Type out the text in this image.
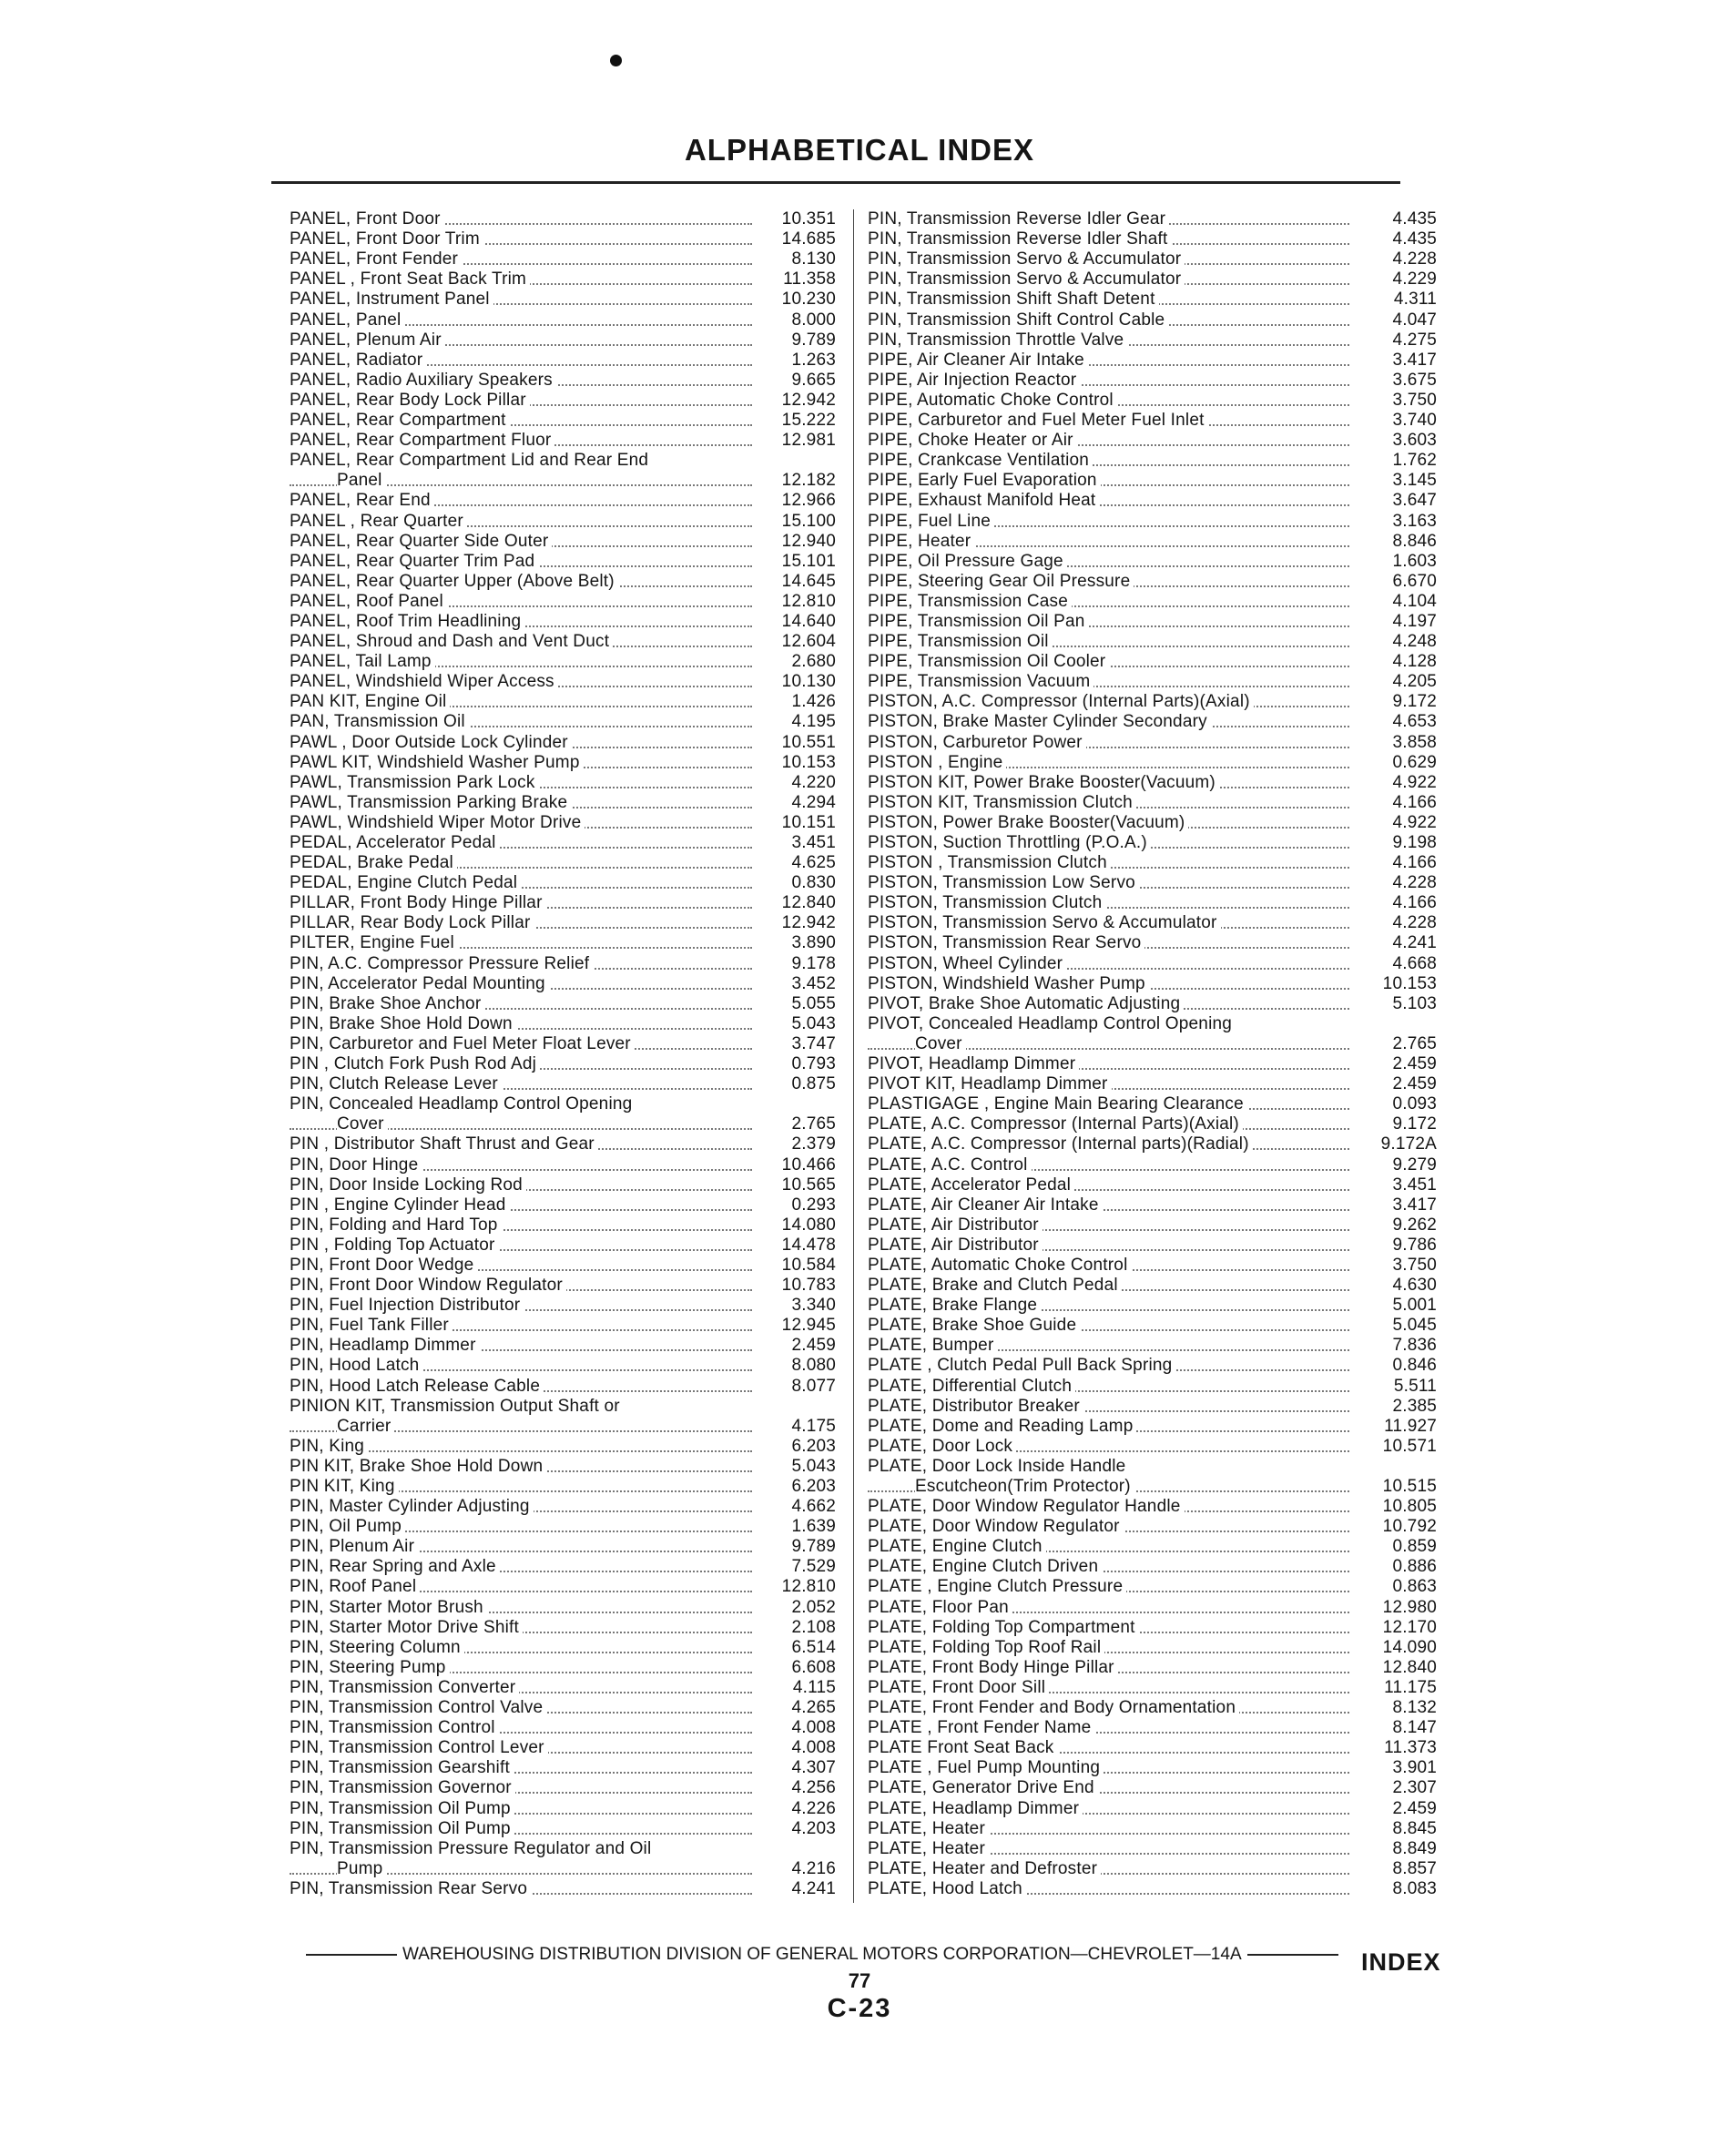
ALPHABETICAL INDEX
PANEL, Front Door	10.351
PANEL, Front Door Trim	14.685
PANEL, Front Fender	8.130
PANEL , Front Seat Back Trim	11.358
PANEL, Instrument Panel	10.230
PANEL, Panel	8.000
PANEL, Plenum Air	9.789
PANEL, Radiator	1.263
PANEL, Radio Auxiliary Speakers	9.665
PANEL, Rear Body Lock Pillar	12.942
PANEL, Rear Compartment	15.222
PANEL, Rear Compartment Fluor	12.981
PANEL, Rear Compartment Lid and Rear End
Panel	12.182
PANEL, Rear End	12.966
PANEL , Rear Quarter	15.100
PANEL, Rear Quarter Side Outer	12.940
PANEL, Rear Quarter Trim Pad	15.101
PANEL, Rear Quarter Upper (Above Belt)	14.645
PANEL, Roof Panel	12.810
PANEL, Roof Trim Headlining	14.640
PANEL, Shroud and Dash and Vent Duct	12.604
PANEL, Tail Lamp	2.680
PANEL, Windshield Wiper Access	10.130
PAN KIT, Engine Oil	1.426
PAN, Transmission Oil	4.195
PAWL , Door Outside Lock Cylinder	10.551
PAWL KIT, Windshield Washer Pump	10.153
PAWL, Transmission Park Lock	4.220
PAWL, Transmission Parking Brake	4.294
PAWL, Windshield Wiper Motor Drive	10.151
PEDAL, Accelerator Pedal	3.451
PEDAL, Brake Pedal	4.625
PEDAL, Engine Clutch Pedal	0.830
PILLAR, Front Body Hinge Pillar	12.840
PILLAR, Rear Body Lock Pillar	12.942
PILTER, Engine Fuel	3.890
PIN, A.C. Compressor Pressure Relief	9.178
PIN, Accelerator Pedal Mounting	3.452
PIN, Brake Shoe Anchor	5.055
PIN, Brake Shoe Hold Down	5.043
PIN, Carburetor and Fuel Meter Float Lever	3.747
PIN , Clutch Fork Push Rod Adj	0.793
PIN, Clutch Release Lever	0.875
PIN, Concealed Headlamp Control Opening
Cover	2.765
PIN , Distributor Shaft Thrust and Gear	2.379
PIN, Door Hinge	10.466
PIN, Door Inside Locking Rod	10.565
PIN , Engine Cylinder Head	0.293
PIN, Folding and Hard Top	14.080
PIN , Folding Top Actuator	14.478
PIN, Front Door Wedge	10.584
PIN, Front Door Window Regulator	10.783
PIN, Fuel Injection Distributor	3.340
PIN, Fuel Tank Filler	12.945
PIN, Headlamp Dimmer	2.459
PIN, Hood Latch	8.080
PIN, Hood Latch Release Cable	8.077
PINION KIT, Transmission Output Shaft or
Carrier	4.175
PIN, King	6.203
PIN KIT, Brake Shoe Hold Down	5.043
PIN KIT, King	6.203
PIN, Master Cylinder Adjusting	4.662
PIN, Oil Pump	1.639
PIN, Plenum Air	9.789
PIN, Rear Spring and Axle	7.529
PIN, Roof Panel	12.810
PIN, Starter Motor Brush	2.052
PIN, Starter Motor Drive Shift	2.108
PIN, Steering Column	6.514
PIN, Steering Pump	6.608
PIN, Transmission Converter	4.115
PIN, Transmission Control Valve	4.265
PIN, Transmission Control	4.008
PIN, Transmission Control Lever	4.008
PIN, Transmission Gearshift	4.307
PIN, Transmission Governor	4.256
PIN, Transmission Oil Pump	4.226
PIN, Transmission Oil Pump	4.203
PIN, Transmission Pressure Regulator and Oil
Pump	4.216
PIN, Transmission Rear Servo	4.241
PIN, Transmission Reverse Idler Gear	4.435
PIN, Transmission Reverse Idler Shaft	4.435
PIN, Transmission Servo & Accumulator	4.228
PIN, Transmission Servo & Accumulator	4.229
PIN, Transmission Shift Shaft Detent	4.311
PIN, Transmission Shift Control Cable	4.047
PIN, Transmission Throttle Valve	4.275
PIPE, Air Cleaner Air Intake	3.417
PIPE, Air Injection Reactor	3.675
PIPE, Automatic Choke Control	3.750
PIPE, Carburetor and Fuel Meter Fuel Inlet	3.740
PIPE, Choke Heater or Air	3.603
PIPE, Crankcase Ventilation	1.762
PIPE, Early Fuel Evaporation	3.145
PIPE, Exhaust Manifold Heat	3.647
PIPE, Fuel Line	3.163
PIPE, Heater	8.846
PIPE, Oil Pressure Gage	1.603
PIPE, Steering Gear Oil Pressure	6.670
PIPE, Transmission Case	4.104
PIPE, Transmission Oil Pan	4.197
PIPE, Transmission Oil	4.248
PIPE, Transmission Oil Cooler	4.128
PIPE, Transmission Vacuum	4.205
PISTON, A.C. Compressor (Internal Parts)(Axial)	9.172
PISTON, Brake Master Cylinder Secondary	4.653
PISTON, Carburetor Power	3.858
PISTON , Engine	0.629
PISTON KIT, Power Brake Booster(Vacuum)	4.922
PISTON KIT, Transmission Clutch	4.166
PISTON, Power Brake Booster(Vacuum)	4.922
PISTON, Suction Throttling (P.O.A.)	9.198
PISTON , Transmission Clutch	4.166
PISTON, Transmission Low Servo	4.228
PISTON, Transmission Clutch	4.166
PISTON, Transmission Servo & Accumulator	4.228
PISTON, Transmission Rear Servo	4.241
PISTON, Wheel Cylinder	4.668
PISTON, Windshield Washer Pump	10.153
PIVOT, Brake Shoe Automatic Adjusting	5.103
PIVOT, Concealed Headlamp Control Opening
Cover	2.765
PIVOT, Headlamp Dimmer	2.459
PIVOT KIT, Headlamp Dimmer	2.459
PLASTIGAGE , Engine Main Bearing Clearance	0.093
PLATE, A.C. Compressor (Internal Parts)(Axial)	9.172
PLATE, A.C. Compressor (Internal parts)(Radial)	9.172A
PLATE, A.C. Control	9.279
PLATE, Accelerator Pedal	3.451
PLATE, Air Cleaner Air Intake	3.417
PLATE, Air Distributor	9.262
PLATE, Air Distributor	9.786
PLATE, Automatic Choke Control	3.750
PLATE, Brake and Clutch Pedal	4.630
PLATE, Brake Flange	5.001
PLATE, Brake Shoe Guide	5.045
PLATE, Bumper	7.836
PLATE , Clutch Pedal Pull Back Spring	0.846
PLATE, Differential Clutch	5.511
PLATE, Distributor Breaker	2.385
PLATE, Dome and Reading Lamp	11.927
PLATE, Door Lock	10.571
PLATE, Door Lock Inside Handle
Escutcheon(Trim Protector)	10.515
PLATE, Door Window Regulator Handle	10.805
PLATE, Door Window Regulator	10.792
PLATE, Engine Clutch	0.859
PLATE, Engine Clutch Driven	0.886
PLATE , Engine Clutch Pressure	0.863
PLATE, Floor Pan	12.980
PLATE, Folding Top Compartment	12.170
PLATE, Folding Top Roof Rail	14.090
PLATE, Front Body Hinge Pillar	12.840
PLATE, Front Door Sill	11.175
PLATE, Front Fender and Body Ornamentation	8.132
PLATE , Front Fender Name	8.147
PLATE Front Seat Back	11.373
PLATE , Fuel Pump Mounting	3.901
PLATE, Generator Drive End	2.307
PLATE, Headlamp Dimmer	2.459
PLATE, Heater	8.845
PLATE, Heater	8.849
PLATE, Heater and Defroster	8.857
PLATE, Hood Latch	8.083
WAREHOUSING DISTRIBUTION DIVISION OF GENERAL MOTORS CORPORATION—CHEVROLET—14A	INDEX
77
C-23
